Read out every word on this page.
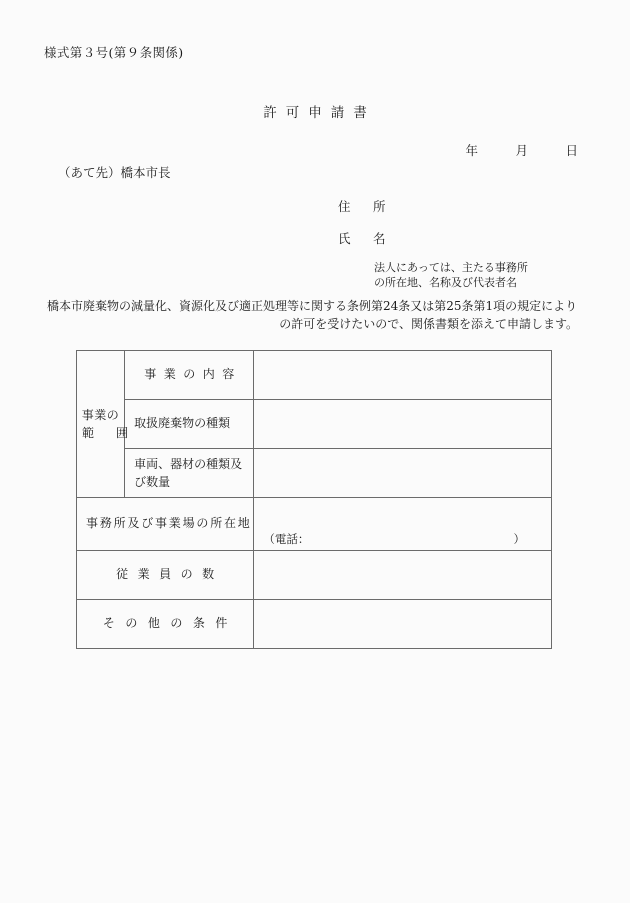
様式第３号(第９条関係)
許可申請書
年　　　月　　　日
（あて先）橋本市長
住　所
氏　名
法人にあっては、主たる事務所
の所在地、名称及び代表者名
橋本市廃棄物の減量化、資源化及び適正処理等に関する条例第24条又は第25条第1項の規定により
の許可を受けたいので、関係書類を添えて申請します。
事業の
範　囲	事業の内容	

	取扱廃棄物の種類	

	車両、器材の種類及び数量	

事務所及び事業場の所在地		（電話： ）

従業員の数		

その他の条件		
